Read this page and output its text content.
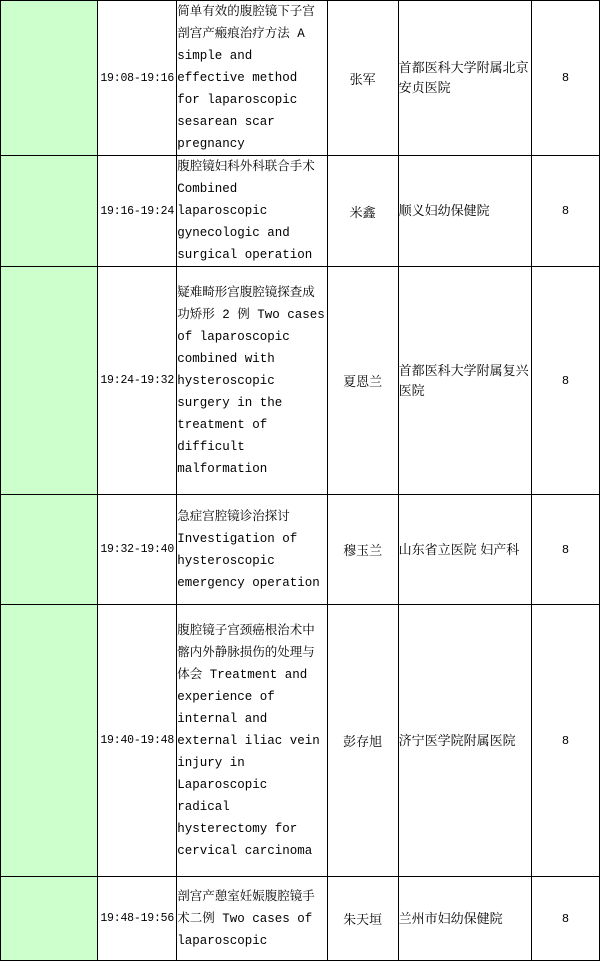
	19:08-19:16	简单有效的腹腔镜下子宫剖宫产瘢痕治疗方法 A simple and effective method for laparoscopic sesarean scar pregnancy	张军	首都医科大学附属北京安贞医院	8
	19:16-19:24	腹腔镜妇科外科联合手术 Combined laparoscopic gynecologic and surgical operation	米鑫	顺义妇幼保健院	8
	19:24-19:32	疑难畸形宫腹腔镜探查成功矫形 2 例 Two cases of laparoscopic combined with hysteroscopic surgery in the treatment of difficult malformation	夏恩兰	首都医科大学附属复兴医院	8
	19:32-19:40	急症宫腔镜诊治探讨 Investigation of hysteroscopic emergency operation	穆玉兰	山东省立医院 妇产科	8
	19:40-19:48	腹腔镜子宫颈癌根治术中髂内外静脉损伤的处理与体会 Treatment and experience of internal and external iliac vein injury in Laparoscopic radical hysterectomy for cervical carcinoma	彭存旭	济宁医学院附属医院	8
	19:48-19:56	剖宫产憩室妊娠腹腔镜手术二例 Two cases of laparoscopic	朱天垣	兰州市妇幼保健院	8
